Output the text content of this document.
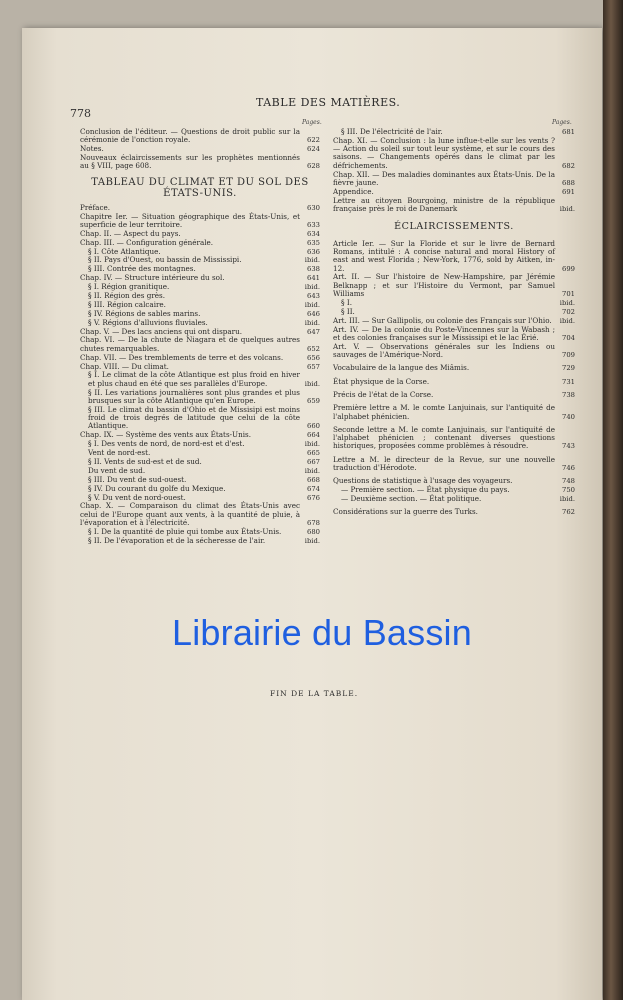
778
TABLE DES MATIÈRES.
Pages.	Pages.
Conclusion de l'éditeur. — Questions de droit public sur la cérémonie de l'onction royale.	622
Notes.	624
Nouveaux éclaircissements sur les prophètes mentionnés au § VIII, page 608.	628
TABLEAU DU CLIMAT ET DU SOL DES ÉTATS-UNIS.
Préface.	630
Chapitre Ier. — Situation géographique des États-Unis, et superficie de leur territoire.	633
Chap. II. — Aspect du pays.	634
Chap. III. — Configuration générale.	635
§ I. Côte Atlantique.	636
§ II. Pays d'Ouest, ou bassin de Mississipi.	ibid.
§ III. Contrée des montagnes.	638
Chap. IV. — Structure intérieure du sol.	641
§ I. Région granitique.	ibid.
§ II. Région des grès.	643
§ III. Région calcaire.	ibid.
§ IV. Régions de sables marins.	646
§ V. Régions d'alluvions fluviales.	ibid.
Chap. V. — Des lacs anciens qui ont disparu.	647
Chap. VI. — De la chute de Niagara et de quelques autres chutes remarquables.	652
Chap. VII. — Des tremblements de terre et des volcans.	656
Chap. VIII. — Du climat.	657
§ I. Le climat de la côte Atlantique est plus froid en hiver et plus chaud en été que ses parallèles d'Europe.	ibid.
§ II. Les variations journalières sont plus grandes et plus brusques sur la côte Atlantique qu'en Europe.	659
§ III. Le climat du bassin d'Ohio et de Missisipi est moins froid de trois degrés de latitude que celui de la côte Atlantique.	660
Chap. IX. — Système des vents aux États-Unis.	664
§ I. Des vents de nord, de nord-est et d'est.	ibid.
Vent de nord-est.	665
§ II. Vents de sud-est et de sud.	667
Du vent de sud.	ibid.
§ III. Du vent de sud-ouest.	668
§ IV. Du courant du golfe du Mexique.	674
§ V. Du vent de nord-ouest.	676
Chap. X. — Comparaison du climat des États-Unis avec celui de l'Europe quant aux vents, à la quantité de pluie, à l'évaporation et à l'électricité.	678
§ I. De la quantité de pluie qui tombe aux États-Unis.	680
§ II. De l'évaporation et de la sécheresse de l'air.	ibid.
§ III. De l'électricité de l'air.	681
Chap. XI. — Conclusion : la lune influe-t-elle sur les vents ? — Action du soleil sur tout leur système, et sur le cours des saisons. — Changements opérés dans le climat par les défrichements.	682
Chap. XII. — Des maladies dominantes aux États-Unis. De la fièvre jaune.	688
Appendice.	691
Lettre au citoyen Bourgoing, ministre de la république française près le roi de Danemark	ibid.
ÉCLAIRCISSEMENTS.
Article Ier. — Sur la Floride et sur le livre de Bernard Romans, intitulé : A concise natural and moral History of east and west Florida ; New-York, 1776, sold by Aitken, in-12.	699
Art. II. — Sur l'histoire de New-Hampshire, par Jérémie Belknapp ; et sur l'Histoire du Vermont, par Samuel Williams	701
§ I.	ibid.
§ II.	702
Art. III. — Sur Gallipolis, ou colonie des Français sur l'Ohio.	ibid.
Art. IV. — De la colonie du Poste-Vincennes sur la Wabash ; et des colonies françaises sur le Mississipi et le lac Érié.	704
Art. V. — Observations générales sur les Indiens ou sauvages de l'Amérique-Nord.	709
Vocabulaire de la langue des Miâmis.	729
État physique de la Corse.	731
Précis de l'état de la Corse.	738
Première lettre a M. le comte Lanjuinais, sur l'antiquité de l'alphabet phénicien.	740
Seconde lettre a M. le comte Lanjuinais, sur l'antiquité de l'alphabet phénicien ; contenant diverses questions historiques, proposées comme problèmes à résoudre.	743
Lettre a M. le directeur de la Revue, sur une nouvelle traduction d'Hérodote.	746
Questions de statistique à l'usage des voyageurs.	748
— Première section. — État physique du pays.	750
— Deuxième section. — État politique.	ibid.
Considérations sur la guerre des Turks.	762
FIN DE LA TABLE.
Librairie du Bassin
